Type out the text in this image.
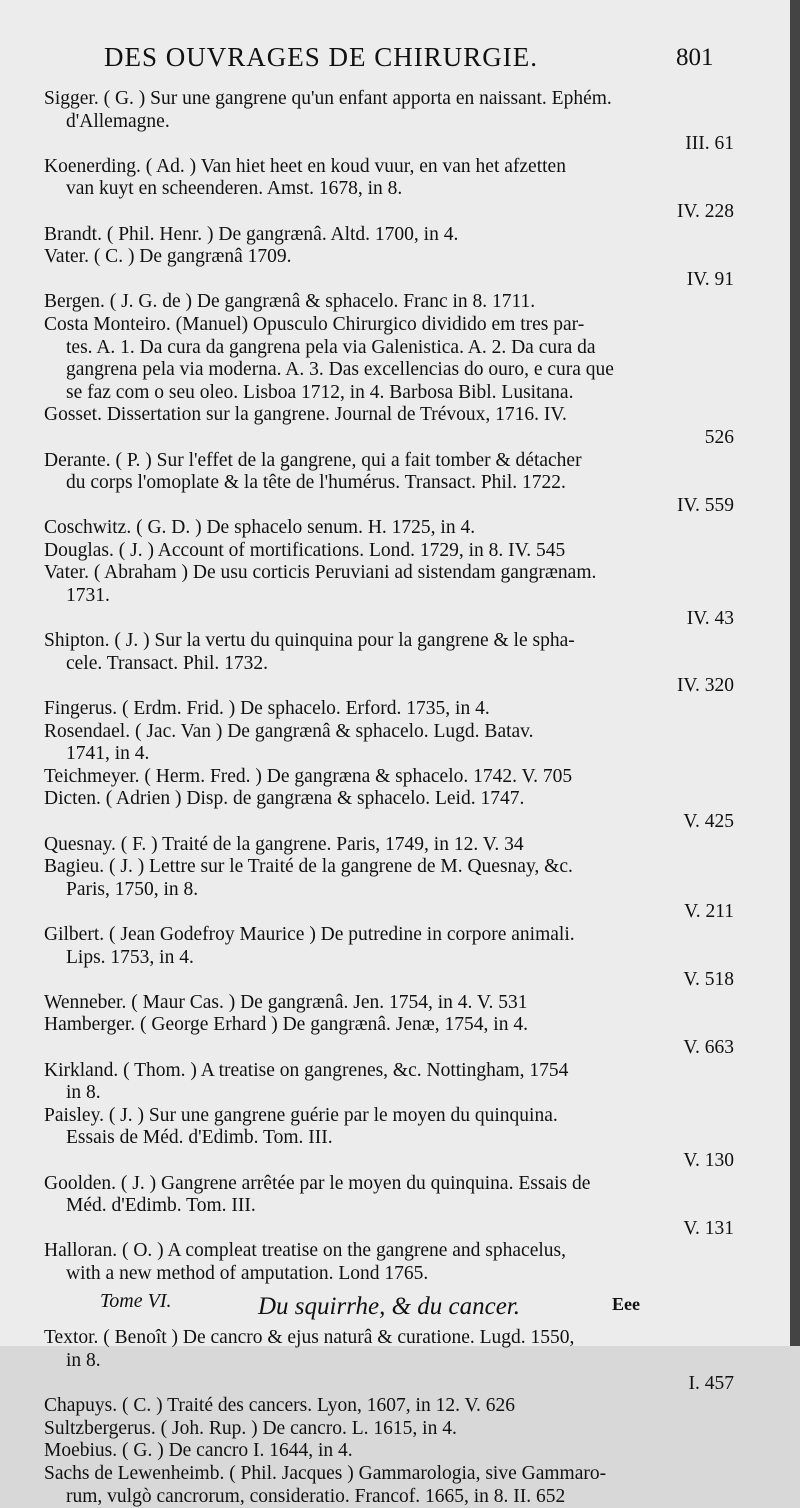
DES OUVRAGES DE CHIRURGIE.	801
Sigger. ( G. ) Sur une gangrene qu'un enfant apporta en naissant. Ephém.
d'Allemagne.
III. 61
Koenerding. ( Ad. ) Van hiet heet en koud vuur, en van het afzetten
van kuyt en scheenderen. Amst. 1678, in 8.
IV. 228
Brandt. ( Phil. Henr. ) De gangrænâ. Altd. 1700, in 4.
Vater. ( C. ) De gangrænâ 1709.
IV. 91
Bergen. ( J. G. de ) De gangrænâ & sphacelo. Franc in 8. 1711.
Costa Monteiro. (Manuel) Opusculo Chirurgico dividido em tres par-
tes. A. 1. Da cura da gangrena pela via Galenistica. A. 2. Da cura da
gangrena pela via moderna. A. 3. Das excellencias do ouro, e cura que
se faz com o seu oleo. Lisboa 1712, in 4. Barbosa Bibl. Lusitana.
Gosset. Dissertation sur la gangrene. Journal de Trévoux, 1716. IV.
526
Derante. ( P. ) Sur l'effet de la gangrene, qui a fait tomber & détacher
du corps l'omoplate & la tête de l'humérus. Transact. Phil. 1722.
IV. 559
Coschwitz. ( G. D. ) De sphacelo senum. H. 1725, in 4.
Douglas. ( J. ) Account of mortifications. Lond. 1729, in 8. IV. 545
Vater. ( Abraham ) De usu corticis Peruviani ad sistendam gangrænam.
1731.
IV. 43
Shipton. ( J. ) Sur la vertu du quinquina pour la gangrene & le spha-
cele. Transact. Phil. 1732.
IV. 320
Fingerus. ( Erdm. Frid. ) De sphacelo. Erford. 1735, in 4.
Rosendael. ( Jac. Van ) De gangrænâ & sphacelo. Lugd. Batav.
1741, in 4.
Teichmeyer. ( Herm. Fred. ) De gangræna & sphacelo. 1742. V. 705
Dicten. ( Adrien ) Disp. de gangræna & sphacelo. Leid. 1747.
V. 425
Quesnay. ( F. ) Traité de la gangrene. Paris, 1749, in 12. V. 34
Bagieu. ( J. ) Lettre sur le Traité de la gangrene de M. Quesnay, &c.
Paris, 1750, in 8.
V. 211
Gilbert. ( Jean Godefroy Maurice ) De putredine in corpore animali.
Lips. 1753, in 4.
V. 518
Wenneber. ( Maur Cas. ) De gangrænâ. Jen. 1754, in 4. V. 531
Hamberger. ( George Erhard ) De gangrænâ. Jenæ, 1754, in 4.
V. 663
Kirkland. ( Thom. ) A treatise on gangrenes, &c. Nottingham, 1754
in 8.
Paisley. ( J. ) Sur une gangrene guérie par le moyen du quinquina.
Essais de Méd. d'Edimb. Tom. III.
V. 130
Goolden. ( J. ) Gangrene arrêtée par le moyen du quinquina. Essais de
Méd. d'Edimb. Tom. III.
V. 131
Halloran. ( O. ) A compleat treatise on the gangrene and sphacelus,
with a new method of amputation. Lond 1765.
Du squirrhe, & du cancer.
Textor. ( Benoît ) De cancro & ejus naturâ & curatione. Lugd. 1550,
in 8.
I. 457
Chapuys. ( C. ) Traité des cancers. Lyon, 1607, in 12. V. 626
Sultzbergerus. ( Joh. Rup. ) De cancro. L. 1615, in 4.
Moebius. ( G. ) De cancro I. 1644, in 4.
Sachs de Lewenheimb. ( Phil. Jacques ) Gammarologia, sive Gammaro-
rum, vulgò cancrorum, consideratio. Francof. 1665, in 8. II. 652
Tome VI.	Eee
